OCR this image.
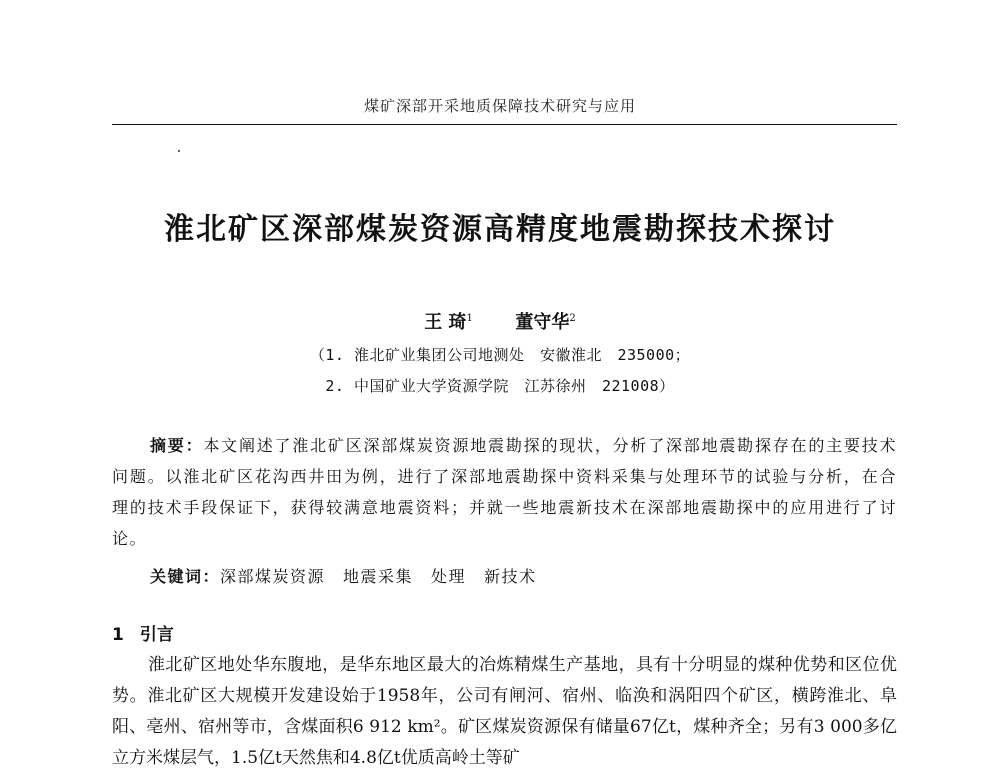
煤矿深部开采地质保障技术研究与应用
淮北矿区深部煤炭资源高精度地震勘探技术探讨
王 琦$^1$ 董守华$^2$
（1. 淮北矿业集团公司地测处　安徽淮北　235000；
2. 中国矿业大学资源学院　江苏徐州　221008）
摘要：本文阐述了淮北矿区深部煤炭资源地震勘探的现状，分析了深部地震勘探存在的主要技术问题。以淮北矿区花沟西井田为例，进行了深部地震勘探中资料采集与处理环节的试验与分析，在合理的技术手段保证下，获得较满意地震资料；并就一些地震新技术在深部地震勘探中的应用进行了讨论。
关键词：深部煤炭资源 地震采集 处理 新技术
1 引言
淮北矿区地处华东腹地，是华东地区最大的冶炼精煤生产基地，具有十分明显的煤种优势和区位优势。淮北矿区大规模开发建设始于1958年，公司有闸河、宿州、临涣和涡阳四个矿区，横跨淮北、阜阳、亳州、宿州等市，含煤面积6 912 km²。矿区煤炭资源保有储量67亿t，煤种齐全；另有3 000多亿立方米煤层气，1.5亿t天然焦和4.8亿t优质高岭土等矿
